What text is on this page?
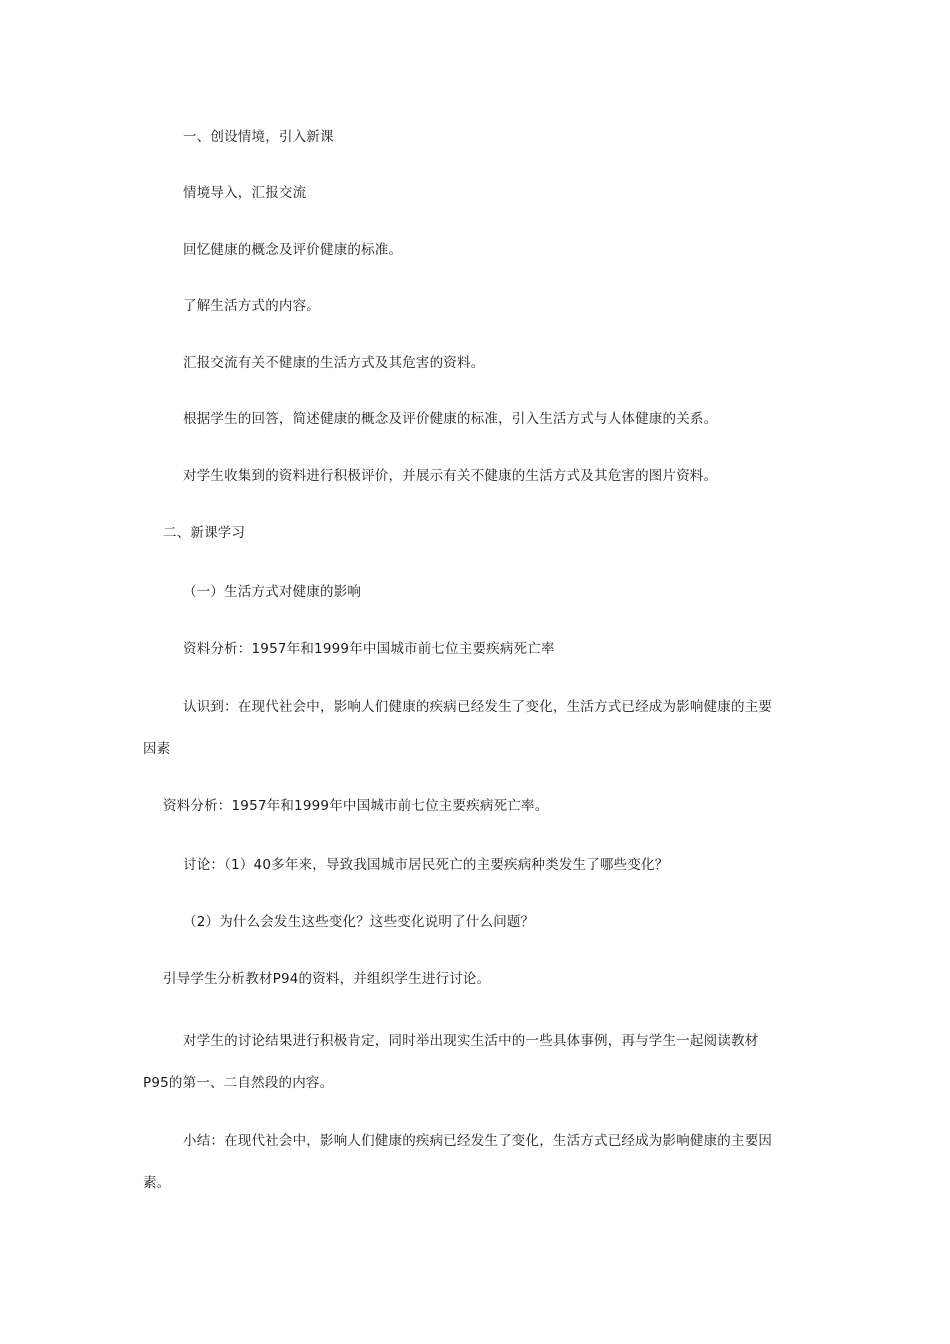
一、创设情境，引入新课
情境导入，汇报交流
回忆健康的概念及评价健康的标准。
了解生活方式的内容。
汇报交流有关不健康的生活方式及其危害的资料。
根据学生的回答，简述健康的概念及评价健康的标准，引入生活方式与人体健康的关系。
对学生收集到的资料进行积极评价，并展示有关不健康的生活方式及其危害的图片资料。
二、新课学习
（一）生活方式对健康的影响
资料分析：1957年和1999年中国城市前七位主要疾病死亡率
认识到：在现代社会中，影响人们健康的疾病已经发生了变化，生活方式已经成为影响健康的主要
因素
资料分析：1957年和1999年中国城市前七位主要疾病死亡率。
讨论：（1）40多年来，导致我国城市居民死亡的主要疾病种类发生了哪些变化？
（2）为什么会发生这些变化？这些变化说明了什么问题？
引导学生分析教材P94的资料，并组织学生进行讨论。
对学生的讨论结果进行积极肯定，同时举出现实生活中的一些具体事例，再与学生一起阅读教材
P95的第一、二自然段的内容。
小结：在现代社会中，影响人们健康的疾病已经发生了变化，生活方式已经成为影响健康的主要因
素。
